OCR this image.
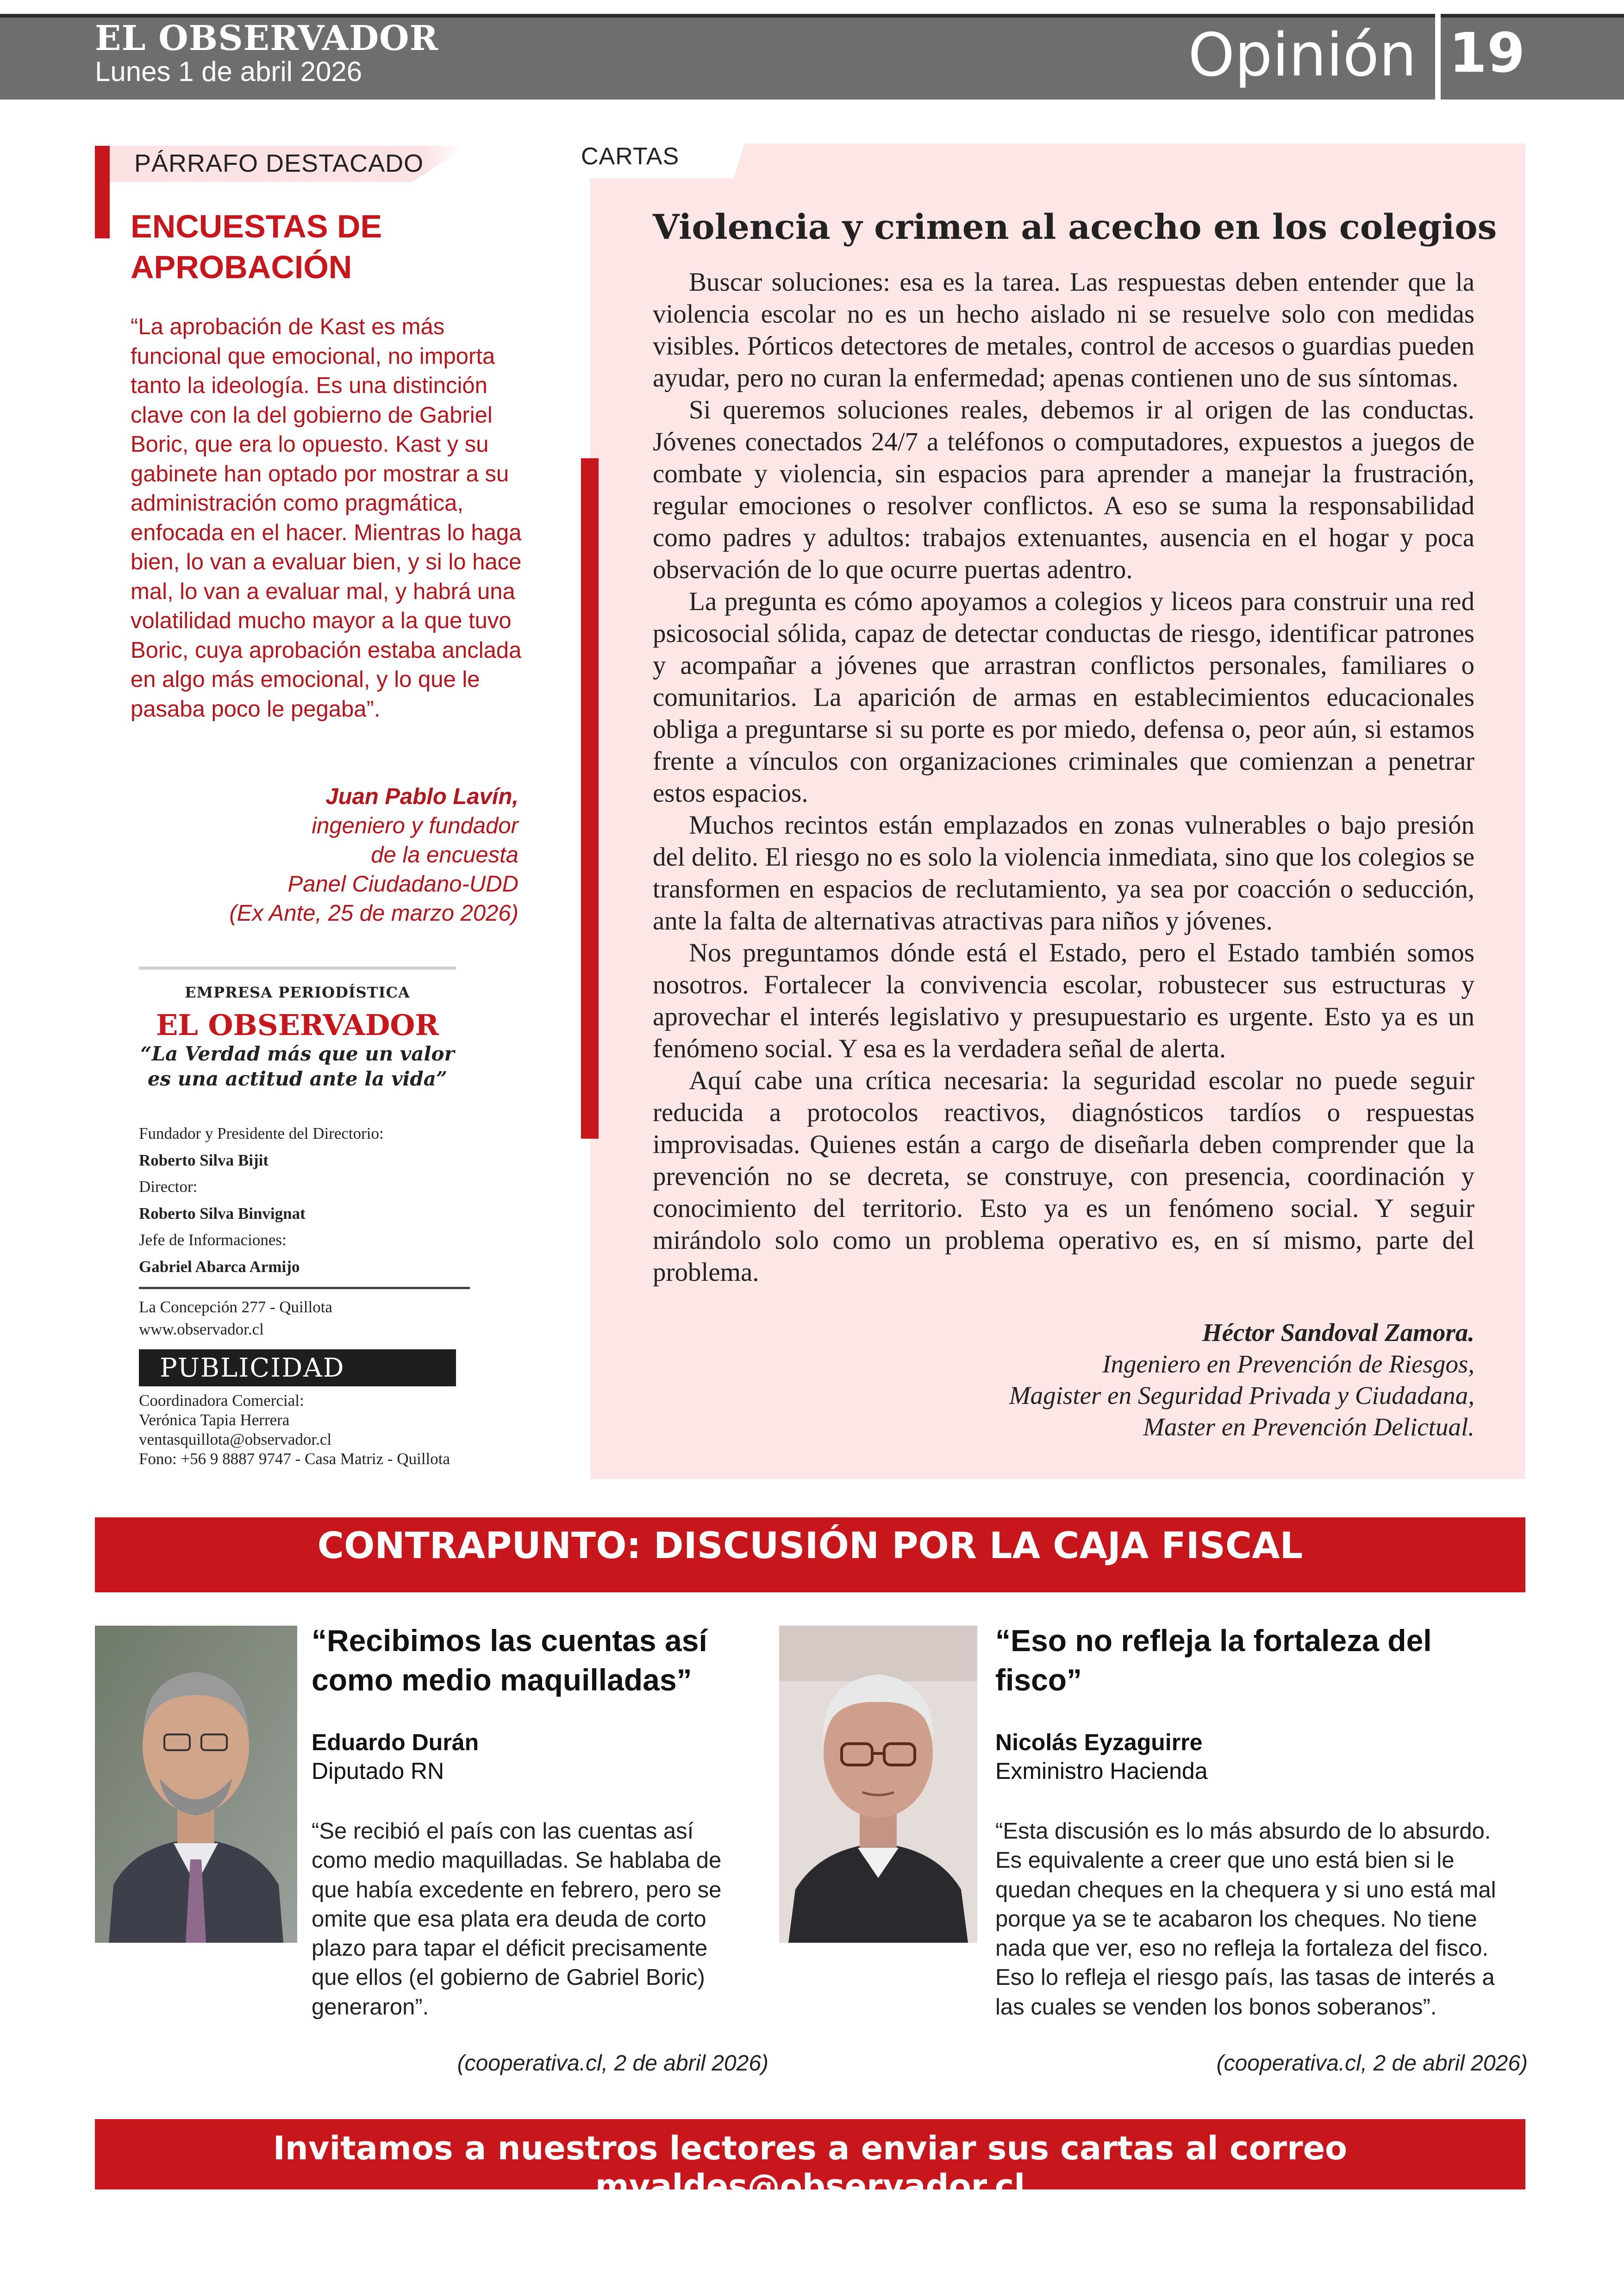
EL OBSERVADOR
Lunes 1 de abril 2026	Opinión 19
PÁRRAFO DESTACADO
ENCUESTAS DE APROBACIÓN
“La aprobación de Kast es más funcional que emocional, no importa tanto la ideología. Es una distinción clave con la del gobierno de Gabriel Boric, que era lo opuesto. Kast y su gabinete han optado por mostrar a su administración como pragmática, enfocada en el hacer. Mientras lo haga bien, lo van a evaluar bien, y si lo hace mal, lo van a evaluar mal, y habrá una volatilidad mucho mayor a la que tuvo Boric, cuya aprobación estaba anclada en algo más emocional, y lo que le pasaba poco le pegaba”.
Juan Pablo Lavín,
ingeniero y fundador
de la encuesta
Panel Ciudadano-UDD
(Ex Ante, 25 de marzo 2026)
EMPRESA PERIODÍSTICA
EL OBSERVADOR
“La Verdad más que un valor
es una actitud ante la vida”
Fundador y Presidente del Directorio:
Roberto Silva Bijit
Director:
Roberto Silva Binvignat
Jefe de Informaciones:
Gabriel Abarca Armijo
La Concepción 277 - Quillota
www.observador.cl
PUBLICIDAD
Coordinadora Comercial:
Verónica Tapia Herrera
ventasquillota@observador.cl
Fono: +56 9 8887 9747 - Casa Matriz - Quillota
CARTAS
Violencia y crimen al acecho en los colegios

Buscar soluciones: esa es la tarea. Las respuestas deben entender que la violencia escolar no es un hecho aislado ni se resuelve solo con medidas visibles. Pórticos detectores de metales, control de accesos o guardias pueden ayudar, pero no curan la enfermedad; apenas contienen uno de sus síntomas.

Si queremos soluciones reales, debemos ir al origen de las conductas. Jóvenes conectados 24/7 a teléfonos o computadores, expuestos a juegos de combate y violencia, sin espacios para aprender a manejar la frustración, regular emociones o resolver conflictos. A eso se suma la responsabilidad como padres y adultos: trabajos extenuantes, ausencia en el hogar y poca observación de lo que ocurre puertas adentro.

La pregunta es cómo apoyamos a colegios y liceos para construir una red psicosocial sólida, capaz de detectar conductas de riesgo, identificar patrones y acompañar a jóvenes que arrastran conflictos personales, familiares o comunitarios. La aparición de armas en establecimientos educacionales obliga a preguntarse si su porte es por miedo, defensa o, peor aún, si estamos frente a vínculos con organizaciones criminales que comienzan a penetrar estos espacios.

Muchos recintos están emplazados en zonas vulnerables o bajo presión del delito. El riesgo no es solo la violencia inmediata, sino que los colegios se transformen en espacios de reclutamiento, ya sea por coacción o seducción, ante la falta de alternativas atractivas para niños y jóvenes.

Nos preguntamos dónde está el Estado, pero el Estado también somos nosotros. Fortalecer la convivencia escolar, robustecer sus estructuras y aprovechar el interés legislativo y presupuestario es urgente. Esto ya es un fenómeno social. Y esa es la verdadera señal de alerta.

Aquí cabe una crítica necesaria: la seguridad escolar no puede seguir reducida a protocolos reactivos, diagnósticos tardíos o respuestas improvisadas. Quienes están a cargo de diseñarla deben comprender que la prevención no se decreta, se construye, con presencia, coordinación y conocimiento del territorio. Esto ya es un fenómeno social. Y seguir mirándolo solo como un problema operativo es, en sí mismo, parte del problema.

Héctor Sandoval Zamora.
Ingeniero en Prevención de Riesgos,
Magister en Seguridad Privada y Ciudadana,
Master en Prevención Delictual.
CONTRAPUNTO: DISCUSIÓN POR LA CAJA FISCAL
“Recibimos las cuentas así como medio maquilladas”
Eduardo Durán
Diputado RN
“Se recibió el país con las cuentas así como medio maquilladas. Se hablaba de que había excedente en febrero, pero se omite que esa plata era deuda de corto plazo para tapar el déficit precisamente que ellos (el gobierno de Gabriel Boric) generaron”.
(cooperativa.cl, 2 de abril 2026)
“Eso no refleja la fortaleza del fisco”
Nicolás Eyzaguirre
Exministro Hacienda
“Esta discusión es lo más absurdo de lo absurdo. Es equivalente a creer que uno está bien si le quedan cheques en la chequera y si uno está mal porque ya se te acabaron los cheques. No tiene nada que ver, eso no refleja la fortaleza del fisco. Eso lo refleja el riesgo país, las tasas de interés a las cuales se venden los bonos soberanos”.
(cooperativa.cl, 2 de abril 2026)
Invitamos a nuestros lectores a enviar sus cartas al correo mvaldes@observador.cl
